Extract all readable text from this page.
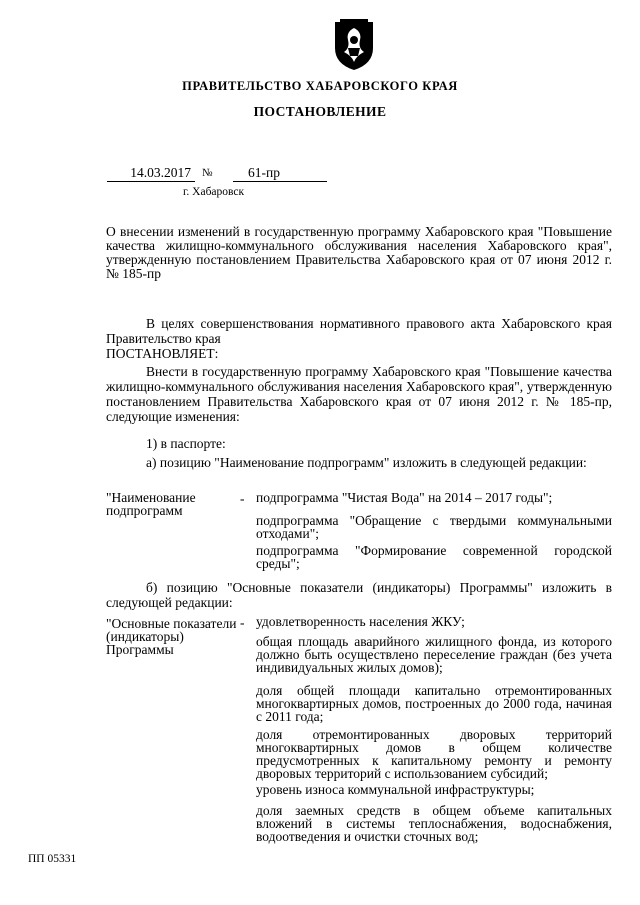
ПРАВИТЕЛЬСТВО ХАБАРОВСКОГО КРАЯ
ПОСТАНОВЛЕНИЕ
14.03.2017	№	61-пр
г. Хабаровск
О внесении изменений в государственную программу Хабаровского края "Повышение качества жилищно-коммунального обслуживания населения Хабаровского края", утвержденную постановлением Правительства Хабаровского края от 07 июня 2012 г. № 185-пр
В целях совершенствования нормативного правового акта Хабаровского края Правительство края
ПОСТАНОВЛЯЕТ:
Внести в государственную программу Хабаровского края "Повышение качества жилищно-коммунального обслуживания населения Хабаровского края", утвержденную постановлением Правительства Хабаровского края от 07 июня 2012 г. № 185-пр, следующие изменения:
1) в паспорте:
а) позицию "Наименование подпрограмм" изложить в следующей редакции:
"Наименование подпрограмм
- подпрограмма "Чистая Вода" на 2014 – 2017 годы";
подпрограмма "Обращение с твердыми коммунальными отходами";
подпрограмма "Формирование современной городской среды";
б) позицию "Основные показатели (индикаторы) Программы" изложить в следующей редакции:
"Основные показатели (индикаторы) Программы
- удовлетворенность населения ЖКУ;
общая площадь аварийного жилищного фонда, из которого должно быть осуществлено переселение граждан (без учета индивидуальных жилых домов);
доля общей площади капитально отремонтированных многоквартирных домов, построенных до 2000 года, начиная с 2011 года;
доля отремонтированных дворовых территорий многоквартирных домов в общем количестве предусмотренных к капитальному ремонту и ремонту дворовых территорий с использованием субсидий;
уровень износа коммунальной инфраструктуры;
доля заемных средств в общем объеме капитальных вложений в системы теплоснабжения, водоснабжения, водоотведения и очистки сточных вод;
ПП 05331
